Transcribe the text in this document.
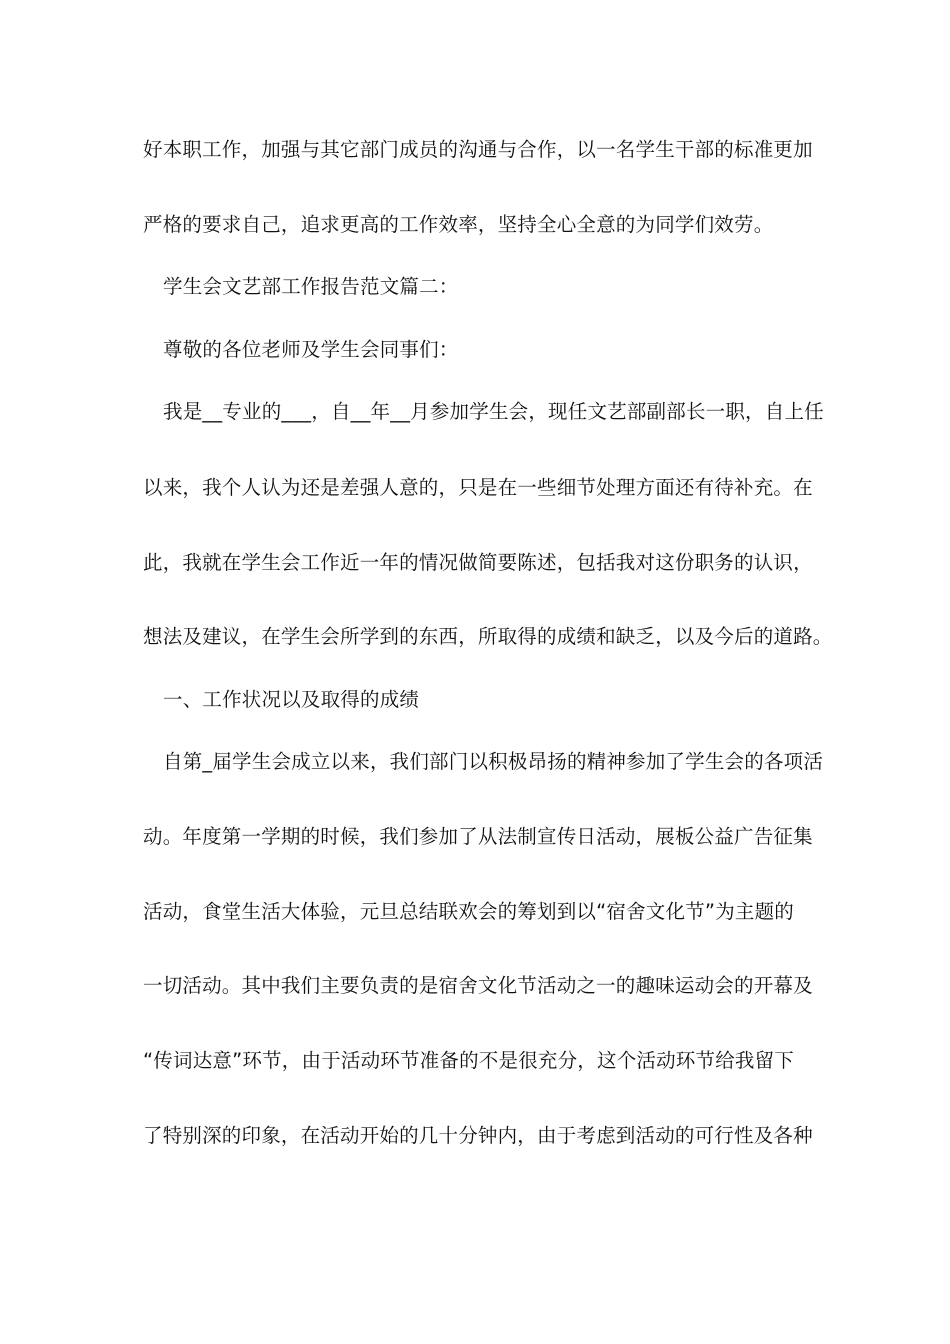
好本职工作，加强与其它部门成员的沟通与合作，以一名学生干部的标准更加
严格的要求自己，追求更高的工作效率，坚持全心全意的为同学们效劳。
学生会文艺部工作报告范文篇二：
尊敬的各位老师及学生会同事们：
我是__专业的___，自__年__月参加学生会，现任文艺部副部长一职，自上任
以来，我个人认为还是差强人意的，只是在一些细节处理方面还有待补充。在
此，我就在学生会工作近一年的情况做简要陈述，包括我对这份职务的认识，
想法及建议，在学生会所学到的东西，所取得的成绩和缺乏，以及今后的道路。
一、工作状况以及取得的成绩
自第_届学生会成立以来，我们部门以积极昂扬的精神参加了学生会的各项活
动。年度第一学期的时候，我们参加了从法制宣传日活动，展板公益广告征集
活动，食堂生活大体验，元旦总结联欢会的筹划到以“宿舍文化节”为主题的
一切活动。其中我们主要负责的是宿舍文化节活动之一的趣味运动会的开幕及
“传词达意”环节，由于活动环节准备的不是很充分，这个活动环节给我留下
了特别深的印象，在活动开始的几十分钟内，由于考虑到活动的可行性及各种
